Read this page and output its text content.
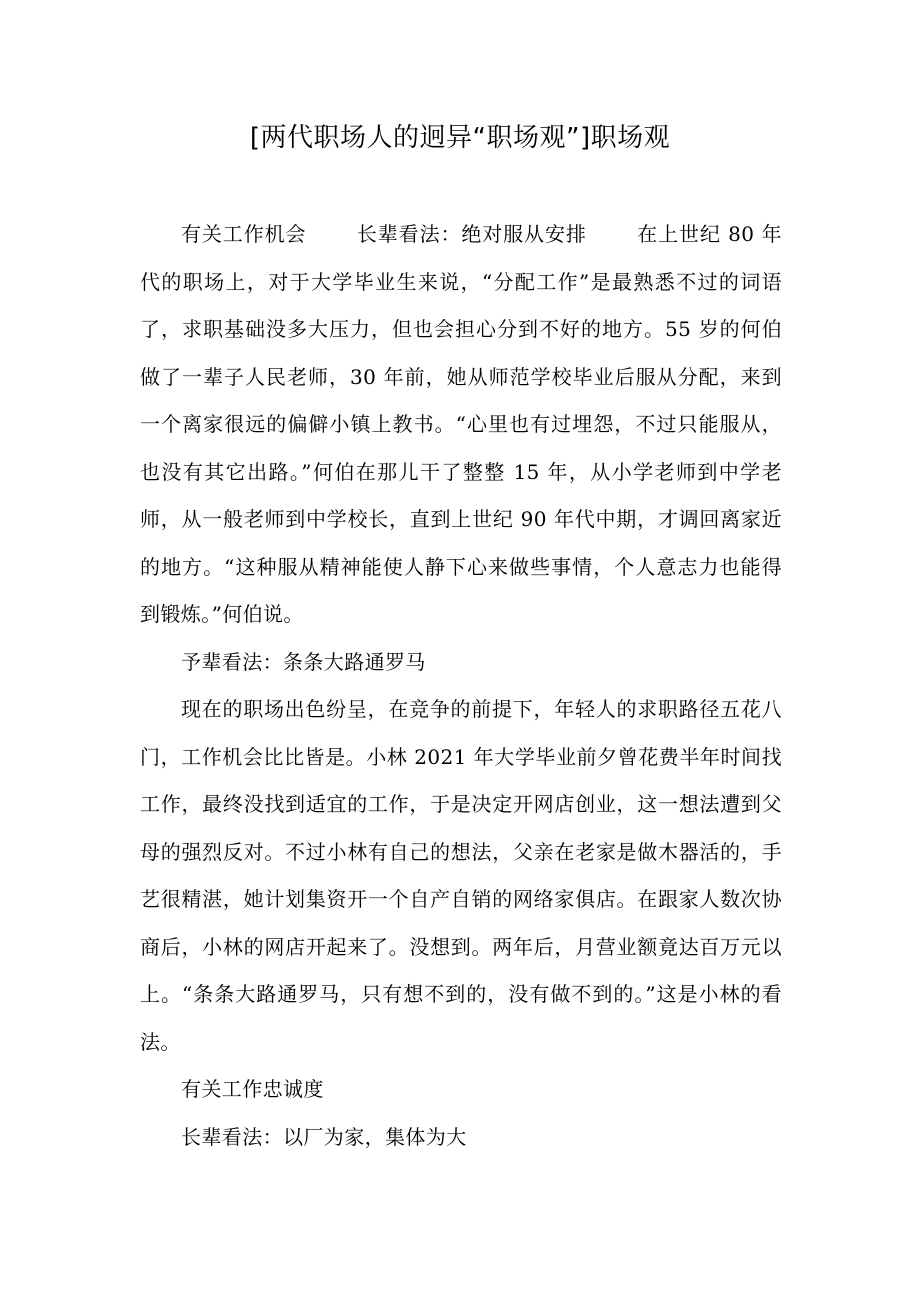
[两代职场人的迥异“职场观”]职场观

有关工作机会	长辈看法：绝对服从安排	在上世纪 80 年代的职场上，对于大学毕业生来说，“分配工作”是最熟悉不过的词语了，求职基础没多大压力，但也会担心分到不好的地方。55 岁的何伯做了一辈子人民老师，30 年前，她从师范学校毕业后服从分配，来到一个离家很远的偏僻小镇上教书。“心里也有过埋怨，不过只能服从，也没有其它出路。”何伯在那儿干了整整 15 年，从小学老师到中学老师，从一般老师到中学校长，直到上世纪 90 年代中期，才调回离家近的地方。“这种服从精神能使人静下心来做些事情，个人意志力也能得到锻炼。”何伯说。

予辈看法：条条大路通罗马

现在的职场出色纷呈，在竞争的前提下，年轻人的求职路径五花八门，工作机会比比皆是。小林 2021 年大学毕业前夕曾花费半年时间找工作，最终没找到适宜的工作，于是决定开网店创业，这一想法遭到父母的强烈反对。不过小林有自己的想法，父亲在老家是做木器活的，手艺很精湛，她计划集资开一个自产自销的网络家俱店。在跟家人数次协商后，小林的网店开起来了。没想到。两年后，月营业额竟达百万元以上。“条条大路通罗马，只有想不到的，没有做不到的。”这是小林的看法。

有关工作忠诚度

长辈看法：以厂为家，集体为大
